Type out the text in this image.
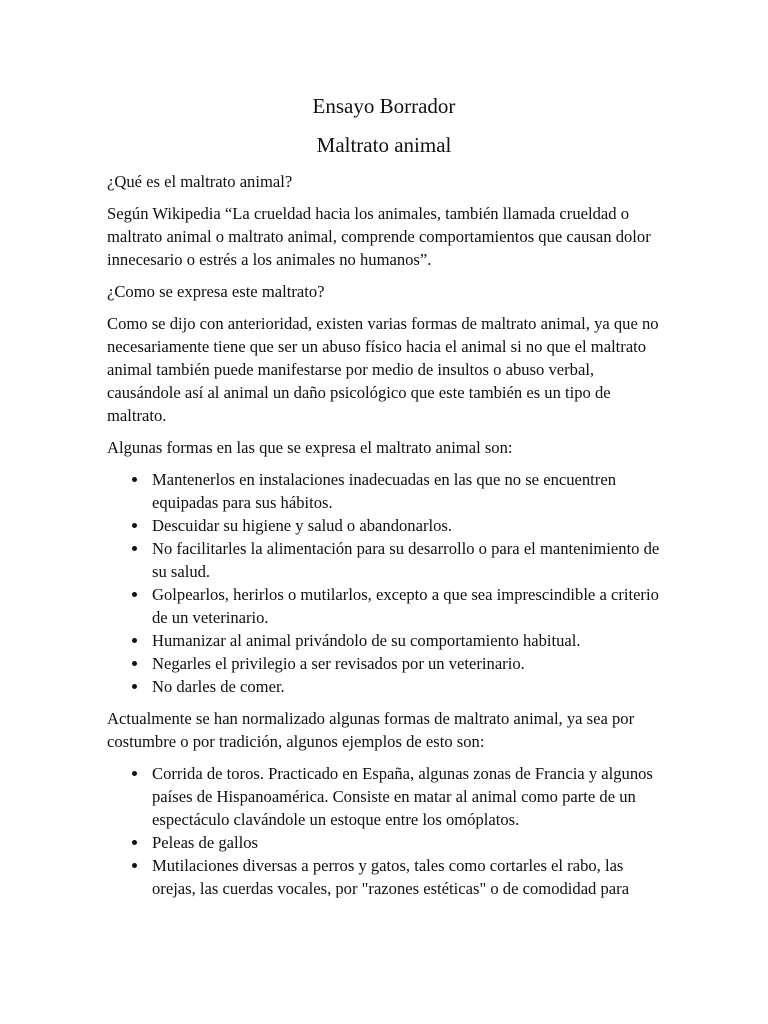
Ensayo Borrador
Maltrato animal

¿Qué es el maltrato animal?

Según Wikipedia “La crueldad hacia los animales, también llamada crueldad o maltrato animal o maltrato animal, comprende comportamientos que causan dolor innecesario o estrés a los animales no humanos”.

¿Como se expresa este maltrato?

Como se dijo con anterioridad, existen varias formas de maltrato animal, ya que no necesariamente tiene que ser un abuso físico hacia el animal si no que el maltrato animal también puede manifestarse por medio de insultos o abuso verbal, causándole así al animal un daño psicológico que este también es un tipo de maltrato.

Algunas formas en las que se expresa el maltrato animal son:

Mantenerlos en instalaciones inadecuadas en las que no se encuentren equipadas para sus hábitos.
Descuidar su higiene y salud o abandonarlos.
No facilitarles la alimentación para su desarrollo o para el mantenimiento de su salud.
Golpearlos, herirlos o mutilarlos, excepto a que sea imprescindible a criterio de un veterinario.
Humanizar al animal privándolo de su comportamiento habitual.
Negarles el privilegio a ser revisados por un veterinario.
No darles de comer.

Actualmente se han normalizado algunas formas de maltrato animal, ya sea por costumbre o por tradición, algunos ejemplos de esto son:

Corrida de toros. Practicado en España, algunas zonas de Francia y algunos países de Hispanoamérica. Consiste en matar al animal como parte de un espectáculo clavándole un estoque entre los omóplatos.
Peleas de gallos
Mutilaciones diversas a perros y gatos, tales como cortarles el rabo, las orejas, las cuerdas vocales, por "razones estéticas" o de comodidad para
